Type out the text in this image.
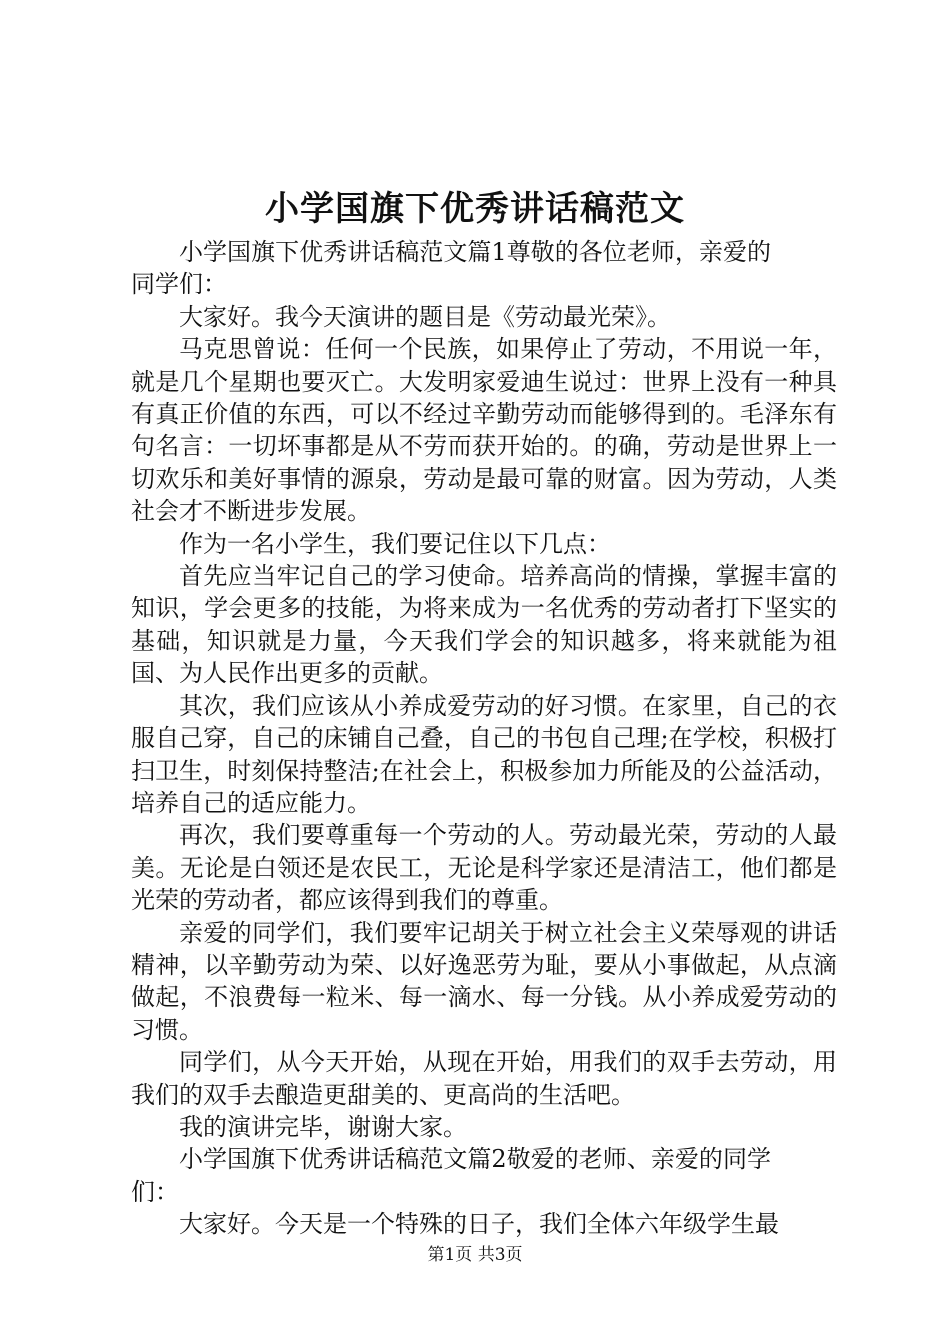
小学国旗下优秀讲话稿范文

小学国旗下优秀讲话稿范文篇1尊敬的各位老师，亲爱的同学们：

大家好。我今天演讲的题目是《劳动最光荣》。

马克思曾说：任何一个民族，如果停止了劳动，不用说一年，就是几个星期也要灭亡。大发明家爱迪生说过：世界上没有一种具有真正价值的东西，可以不经过辛勤劳动而能够得到的。毛泽东有句名言：一切坏事都是从不劳而获开始的。的确，劳动是世界上一切欢乐和美好事情的源泉，劳动是最可靠的财富。因为劳动，人类社会才不断进步发展。

作为一名小学生，我们要记住以下几点：

首先应当牢记自己的学习使命。培养高尚的情操，掌握丰富的知识，学会更多的技能，为将来成为一名优秀的劳动者打下坚实的基础，知识就是力量，今天我们学会的知识越多，将来就能为祖国、为人民作出更多的贡献。

其次，我们应该从小养成爱劳动的好习惯。在家里，自己的衣服自己穿，自己的床铺自己叠，自己的书包自己理;在学校，积极打扫卫生，时刻保持整洁;在社会上，积极参加力所能及的公益活动，培养自己的适应能力。

再次，我们要尊重每一个劳动的人。劳动最光荣，劳动的人最美。无论是白领还是农民工，无论是科学家还是清洁工，他们都是光荣的劳动者，都应该得到我们的尊重。

亲爱的同学们，我们要牢记胡关于树立社会主义荣辱观的讲话精神，以辛勤劳动为荣、以好逸恶劳为耻，要从小事做起，从点滴做起，不浪费每一粒米、每一滴水、每一分钱。从小养成爱劳动的习惯。

同学们，从今天开始，从现在开始，用我们的双手去劳动，用我们的双手去酿造更甜美的、更高尚的生活吧。

我的演讲完毕，谢谢大家。

小学国旗下优秀讲话稿范文篇2敬爱的老师、亲爱的同学们：

大家好。今天是一个特殊的日子，我们全体六年级学生最

第1页 共3页
